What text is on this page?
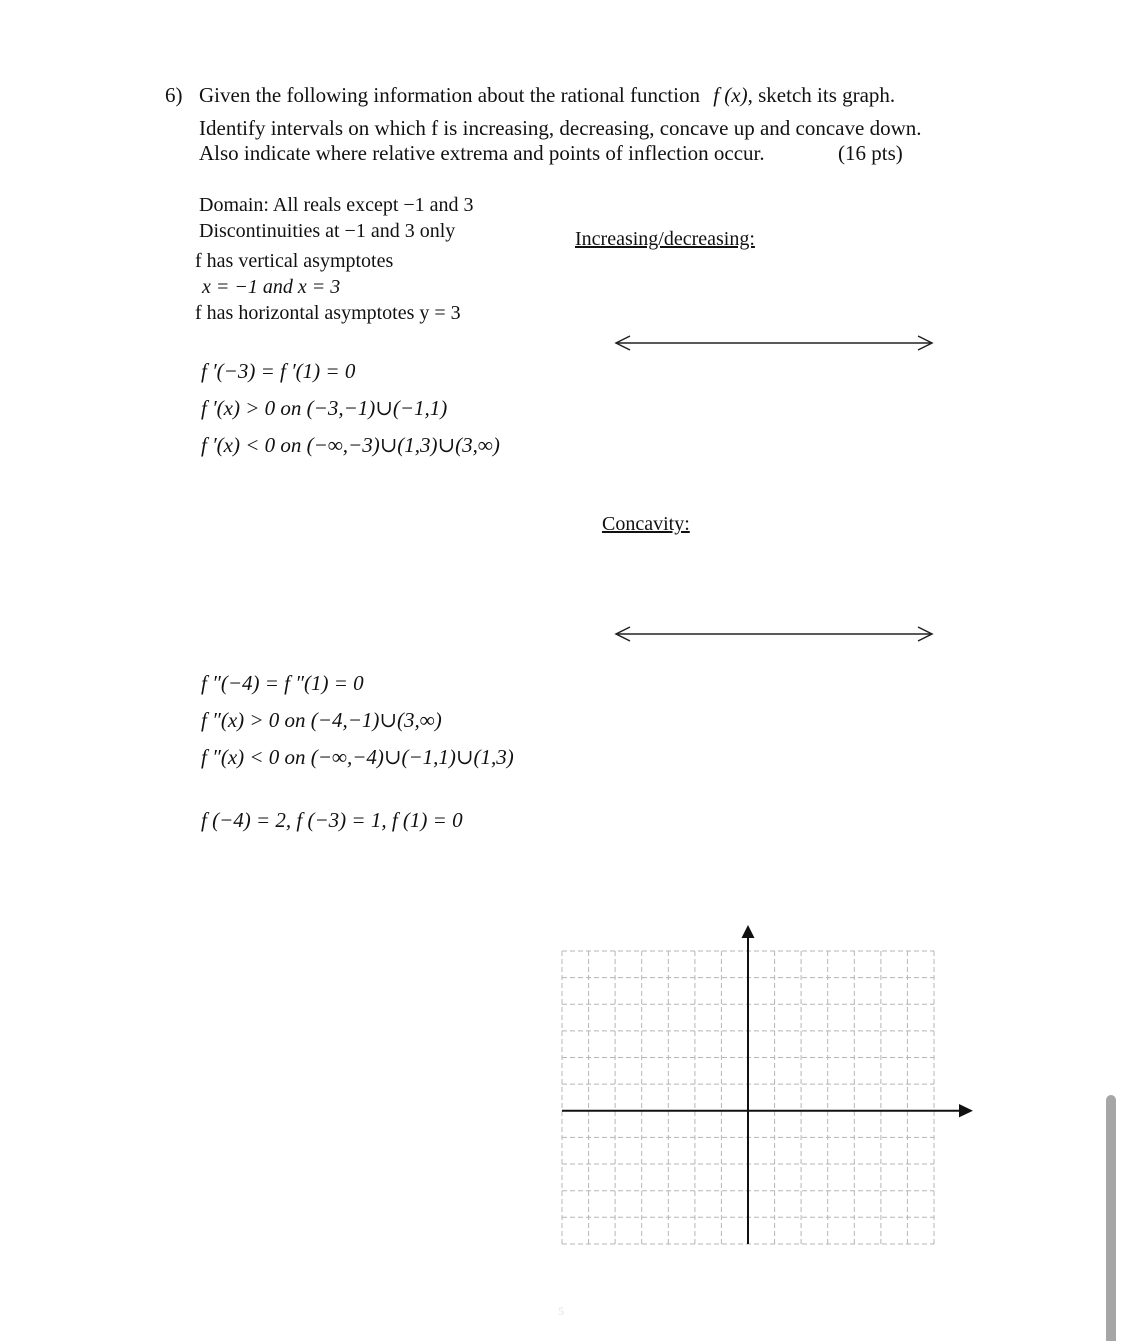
6) Given the following information about the rational function f (x), sketch its graph.
Identify intervals on which f is increasing, decreasing, concave up and concave down.
Also indicate where relative extrema and points of inflection occur.	(16 pts)
Domain: All reals except −1 and 3
Discontinuities at −1 and 3 only
f has vertical asymptotes
x = −1 and x = 3
f has horizontal asymptotes y = 3
f ′(−3) = f ′(1) = 0
f ′(x) > 0 on (−3,−1)∪(−1,1)
f ′(x) < 0 on (−∞,−3)∪(1,3)∪(3,∞)
f ″(−4) = f ″(1) = 0
f ″(x) > 0 on (−4,−1)∪(3,∞)
f ″(x) < 0 on (−∞,−4)∪(−1,1)∪(1,3)
f (−4) = 2, f (−3) = 1, f (1) = 0
Increasing/decreasing:
Concavity:
5
